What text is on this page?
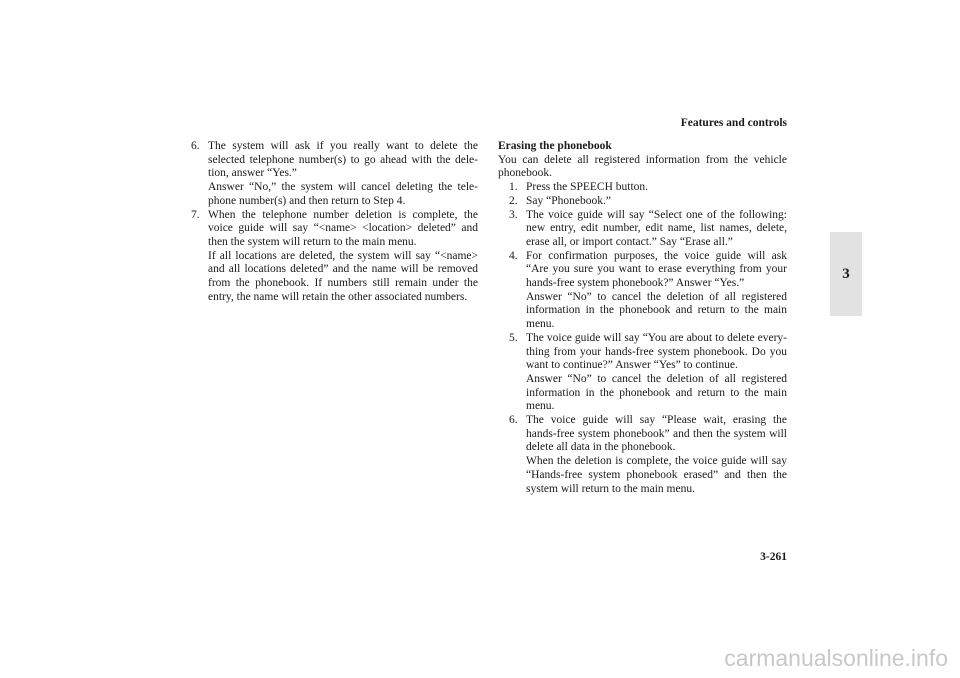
Features and controls
3
6. The system will ask if you really want to delete the selected telephone number(s) to go ahead with the deletion, answer “Yes.”

Answer “No,” the system will cancel deleting the telephone number(s) and then return to Step 4.

7. When the telephone number deletion is complete, the voice guide will say “<name> <location> deleted” and then the system will return to the main menu.

If all locations are deleted, the system will say “<name> and all locations deleted” and the name will be removed from the phonebook. If numbers still remain under the entry, the name will retain the other associated numbers.

Erasing the phonebook

You can delete all registered information from the vehicle phonebook.

1. Press the SPEECH button.

2. Say “Phonebook.”

3. The voice guide will say “Select one of the following: new entry, edit number, edit name, list names, delete, erase all, or import contact.” Say “Erase all.”

4. For confirmation purposes, the voice guide will ask “Are you sure you want to erase everything from your hands-free system phonebook?” Answer “Yes.”

Answer “No” to cancel the deletion of all registered information in the phonebook and return to the main menu.

5. The voice guide will say “You are about to delete everything from your hands-free system phonebook. Do you want to continue?” Answer “Yes” to continue.

Answer “No” to cancel the deletion of all registered information in the phonebook and return to the main menu.

6. The voice guide will say “Please wait, erasing the hands-free system phonebook” and then the system will delete all data in the phonebook.

When the deletion is complete, the voice guide will say “Hands-free system phonebook erased” and then the system will return to the main menu.

3-261
carmanualsonline.info
